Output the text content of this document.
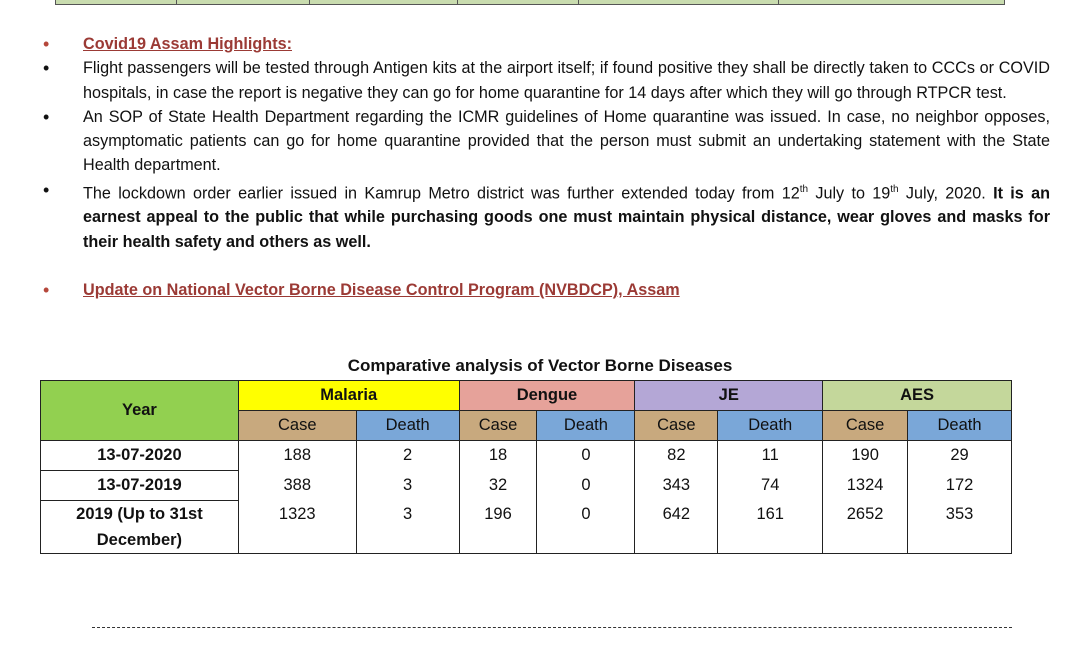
• Covid19 Assam Highlights:
• Flight passengers will be tested through Antigen kits at the airport itself; if found positive they shall be directly taken to CCCs or COVID hospitals, in case the report is negative they can go for home quarantine for 14 days after which they will go through RTPCR test.
• An SOP of State Health Department regarding the ICMR guidelines of Home quarantine was issued. In case, no neighbor opposes, asymptomatic patients can go for home quarantine provided that the person must submit an undertaking statement with the State Health department.
• The lockdown order earlier issued in Kamrup Metro district was further extended today from 12th July to 19th July, 2020. It is an earnest appeal to the public that while purchasing goods one must maintain physical distance, wear gloves and masks for their health safety and others as well.
• Update on National Vector Borne Disease Control Program (NVBDCP), Assam
Comparative analysis of Vector Borne Diseases
Year	Malaria		Dengue		JE		AES	
	Case	Death	Case	Death	Case	Death	Case	Death
13-07-2020	188	2	18	0	82	11	190	29
13-07-2019	388	3	32	0	343	74	1324	172
2019 (Up to 31st December)	1323	3	196	0	642	161	2652	353
